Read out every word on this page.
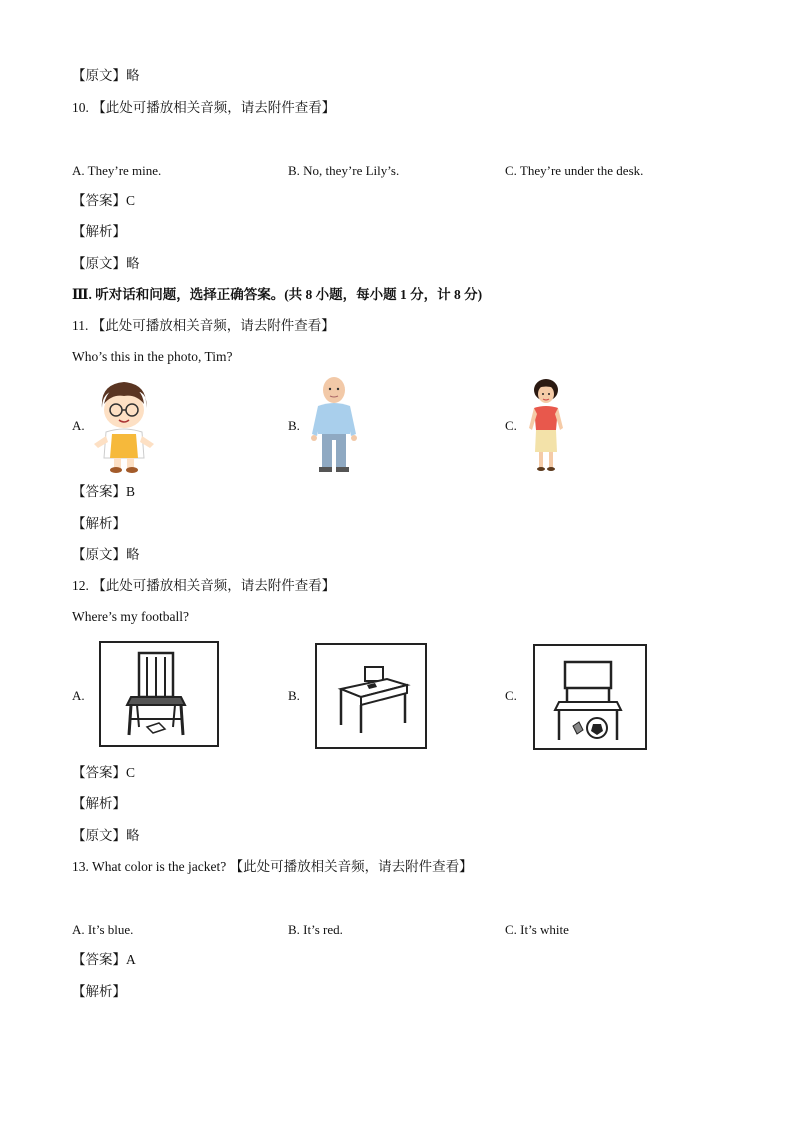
【原文】略
10. 【此处可播放相关音频，请去附件查看】
A. They’re mine.	B. No, they’re Lily’s.	C. They’re under the desk.
【答案】C
【解析】
【原文】略
Ⅲ. 听对话和问题，选择正确答案。(共 8 小题，每小题 1 分，计 8 分)
11. 【此处可播放相关音频，请去附件查看】
Who’s this in the photo, Tim?
A.	B.	C.
【答案】B
【解析】
【原文】略
12. 【此处可播放相关音频，请去附件查看】
Where’s my football?
A.	B.	C.
【答案】C
【解析】
【原文】略
13. What color is the jacket? 【此处可播放相关音频，请去附件查看】
A. It’s blue.	B. It’s red.	C. It’s white
【答案】A
【解析】
